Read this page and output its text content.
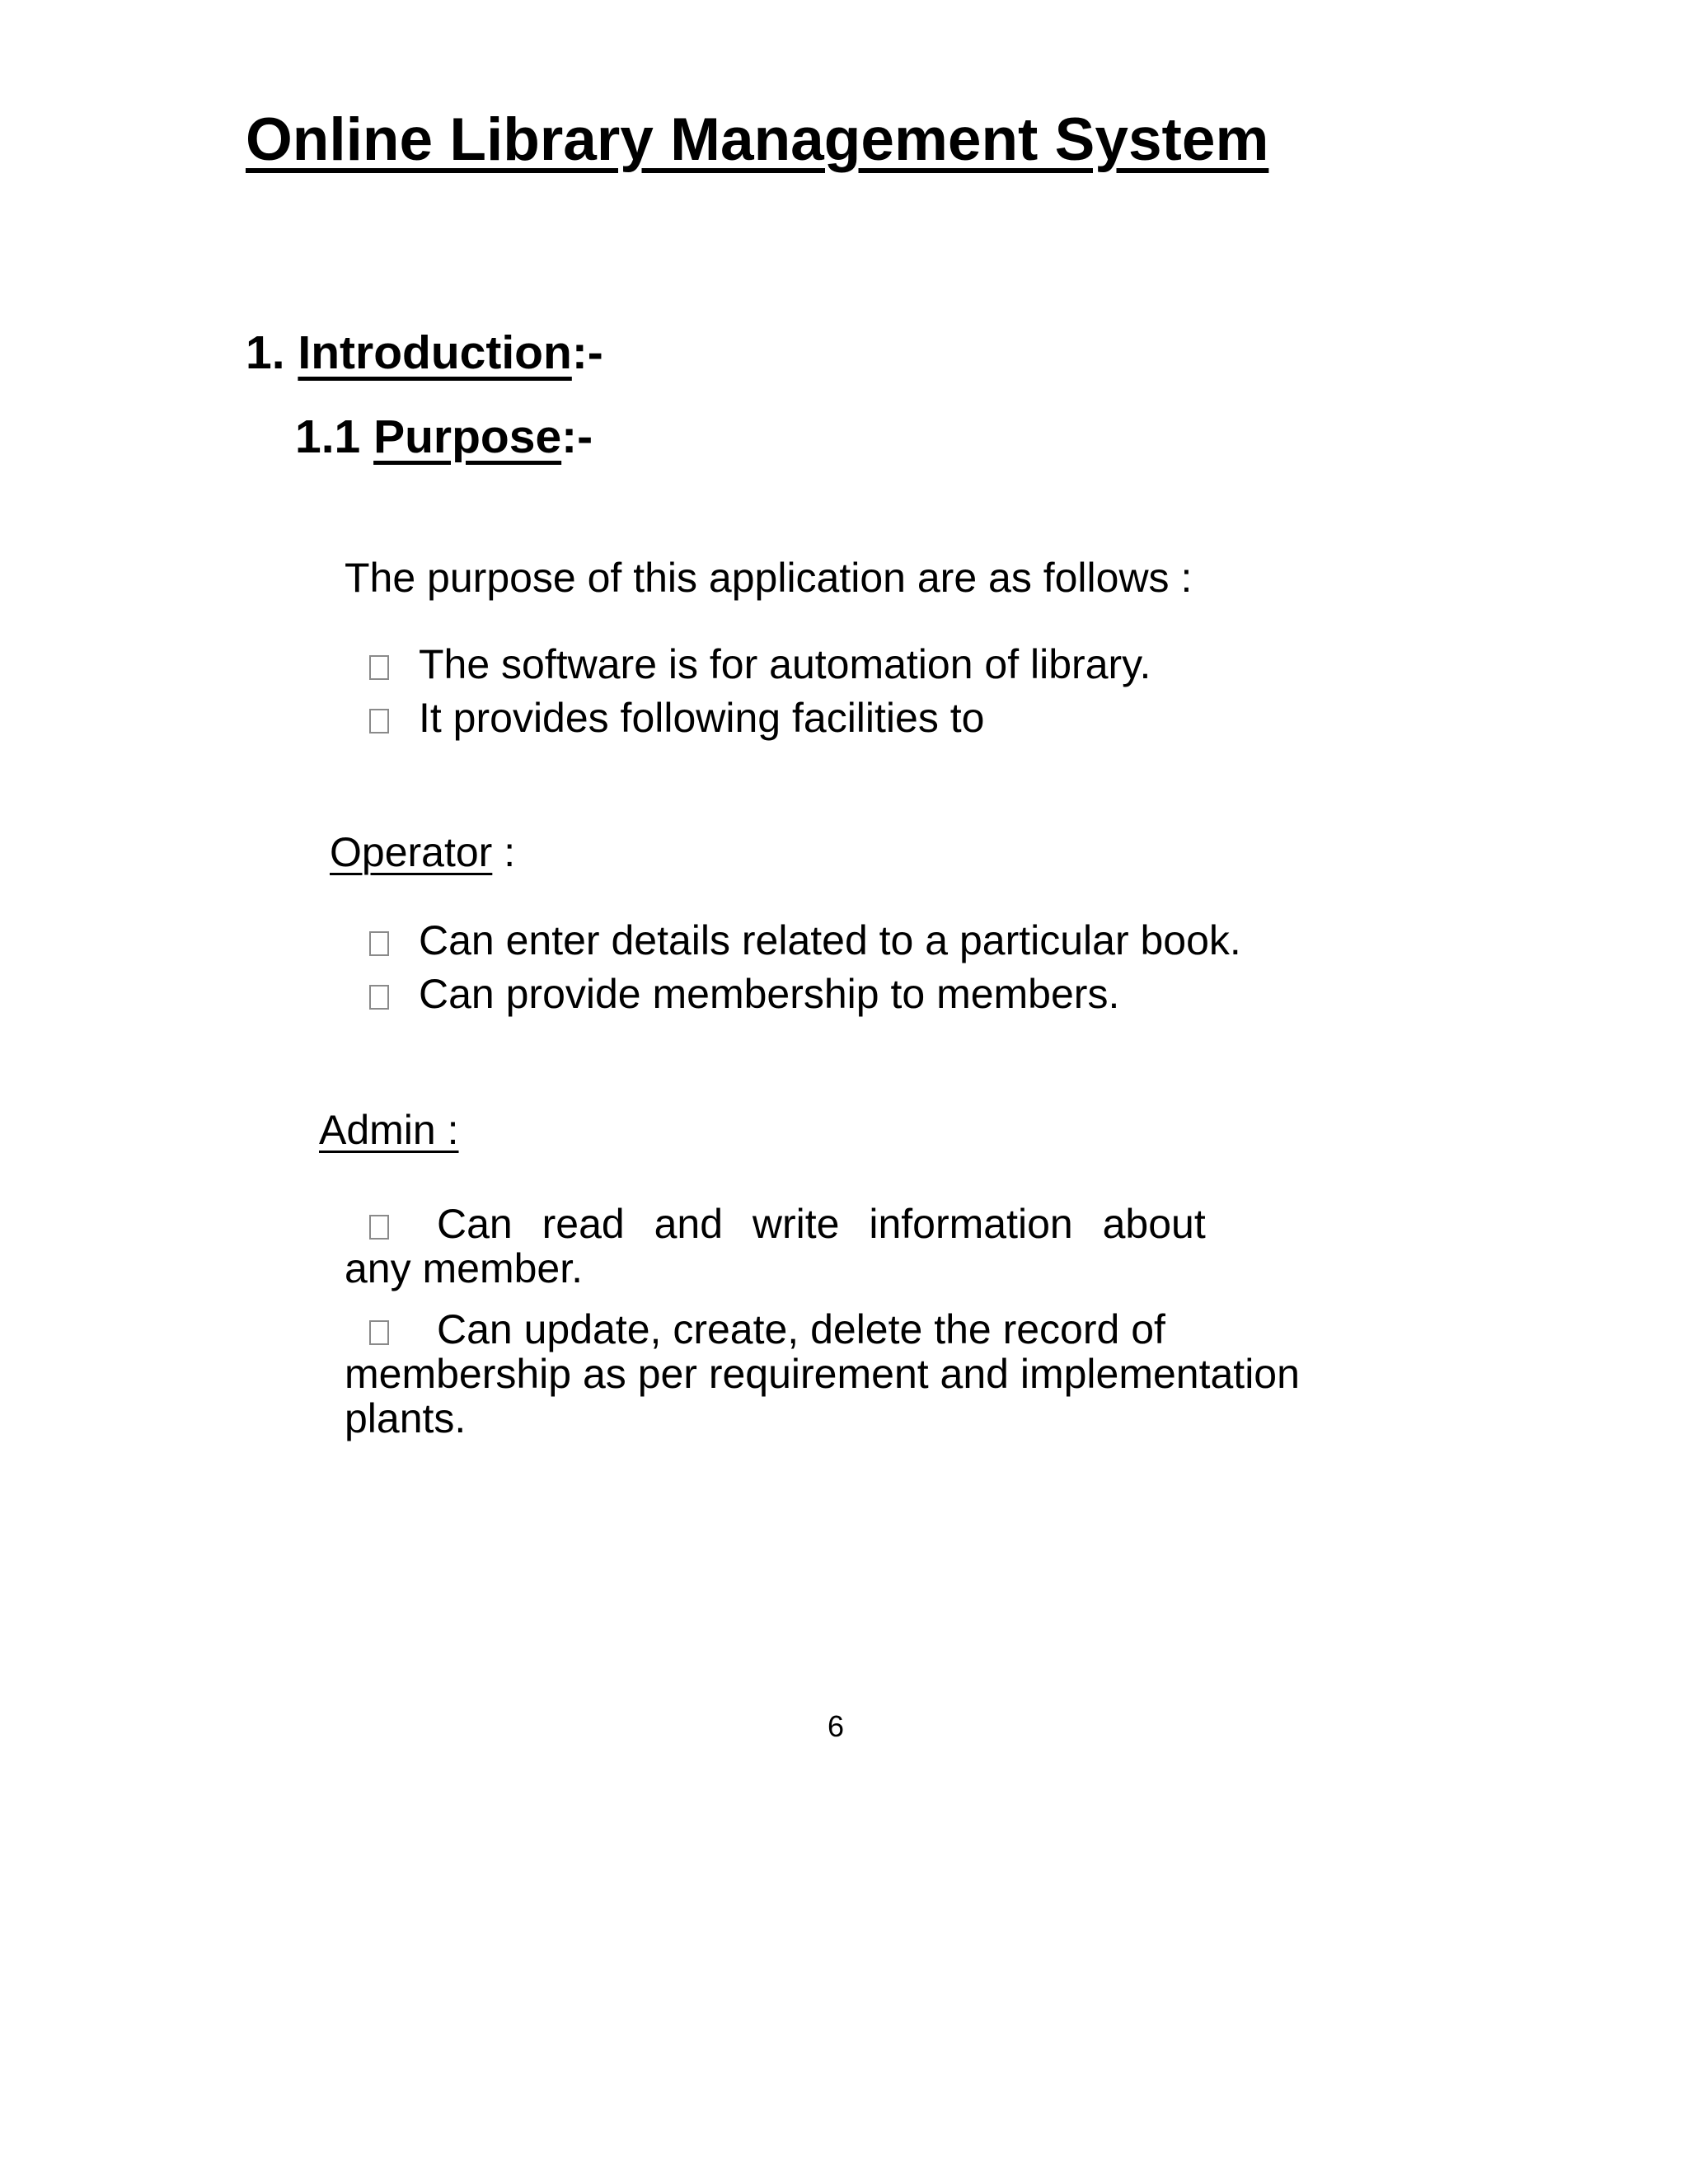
Online Library Management System
1. Introduction:-
1.1 Purpose:-
The purpose of this application are as follows :
The software is for automation of library.
It provides following facilities to
Operator :
Can enter details related to a particular book.
Can provide membership to members.
Admin :
Can read and write information about
any member.
Can update, create, delete the record of
membership as per requirement and implementation
plants.
6
